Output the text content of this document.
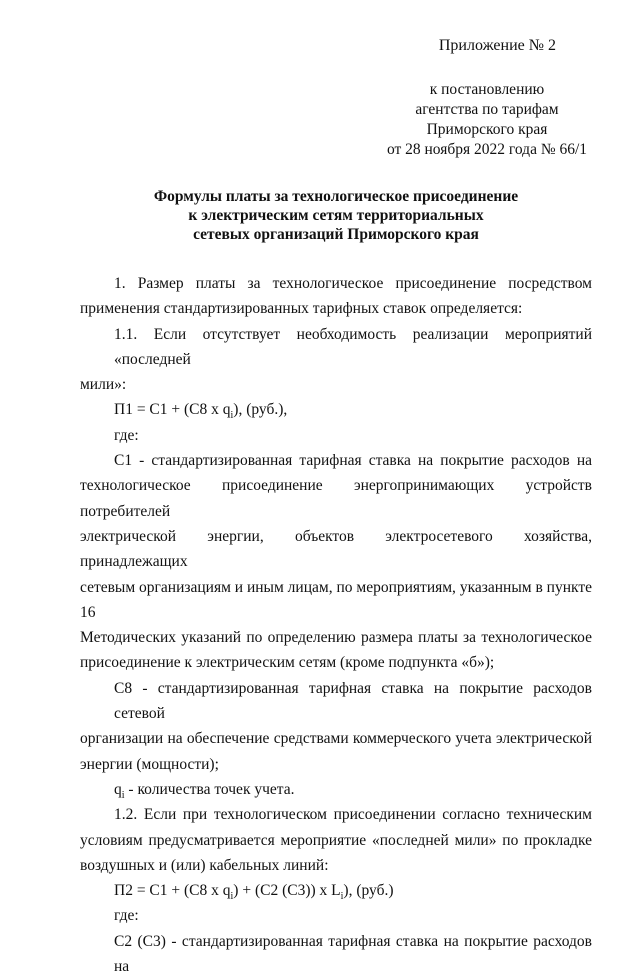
Приложение № 2
к постановлению
агентства по тарифам
Приморского края
от 28 ноября 2022 года № 66/1
Формулы платы за технологическое присоединение
к электрическим сетям территориальных
сетевых организаций Приморского края
1. Размер платы за технологическое присоединение посредством
применения стандартизированных тарифных ставок определяется:
1.1. Если отсутствует необходимость реализации мероприятий «последней
мили»:
П1 = С1 + (С8 х $q_i$), (руб.),
где:
С1 - стандартизированная тарифная ставка на покрытие расходов на
технологическое присоединение энергопринимающих устройств потребителей
электрической энергии, объектов электросетевого хозяйства, принадлежащих
сетевым организациям и иным лицам, по мероприятиям, указанным в пункте 16
Методических указаний по определению размера платы за технологическое
присоединение к электрическим сетям (кроме подпункта «б»);
С8 - стандартизированная тарифная ставка на покрытие расходов сетевой
организации на обеспечение средствами коммерческого учета электрической
энергии (мощности);
$q_i$ - количества точек учета.
1.2. Если при технологическом присоединении согласно техническим
условиям предусматривается мероприятие «последней мили» по прокладке
воздушных и (или) кабельных линий:
П2 = С1 + (С8 х $q_i) + (С2$ (С3)) х $L_i$), (руб.)
где:
С2 (С3) - стандартизированная тарифная ставка на покрытие расходов на
